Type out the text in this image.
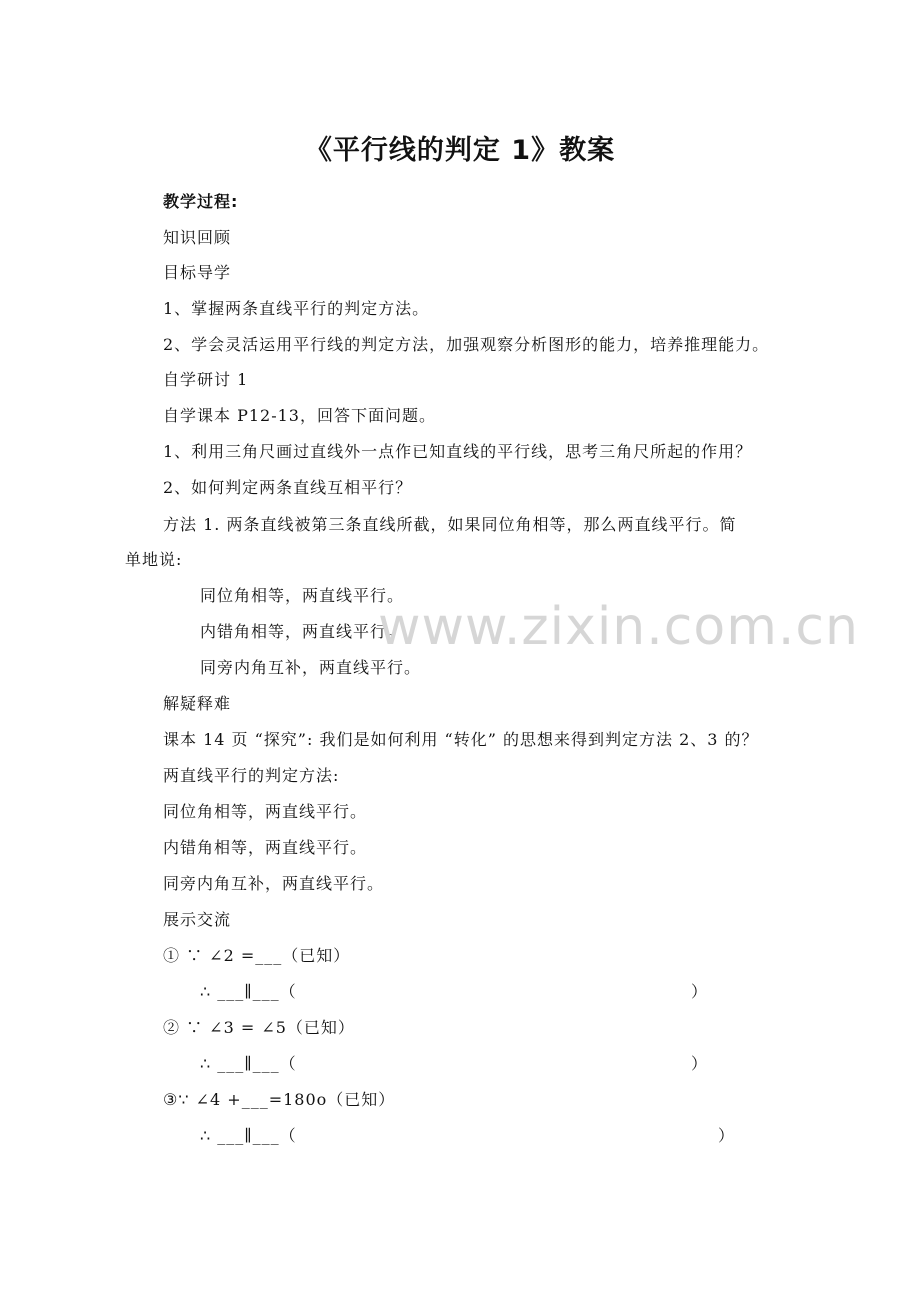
《平行线的判定 1》教案
教学过程:
知识回顾
目标导学
1、掌握两条直线平行的判定方法。
2、学会灵活运用平行线的判定方法，加强观察分析图形的能力，培养推理能力。
自学研讨 1
自学课本 P12-13，回答下面问题。
1、利用三角尺画过直线外一点作已知直线的平行线，思考三角尺所起的作用？
2、如何判定两条直线互相平行？
方法 1. 两条直线被第三条直线所截，如果同位角相等，那么两直线平行。简
单地说:
同位角相等，两直线平行。
内错角相等，两直线平行。
同旁内角互补，两直线平行。
解疑释难
课本 14 页 “探究”: 我们是如何利用 “转化” 的思想来得到判定方法 2、3 的？
两直线平行的判定方法:
同位角相等，两直线平行。
内错角相等，两直线平行。
同旁内角互补，两直线平行。
展示交流
① ∵ ∠2 =___（已知）
∴ ___∥___（	）
② ∵ ∠3 = ∠5（已知）
∴ ___∥___（	）
③∵ ∠4 +___=180o（已知）
∴ ___∥___（	）
www.zixin.com.cn
